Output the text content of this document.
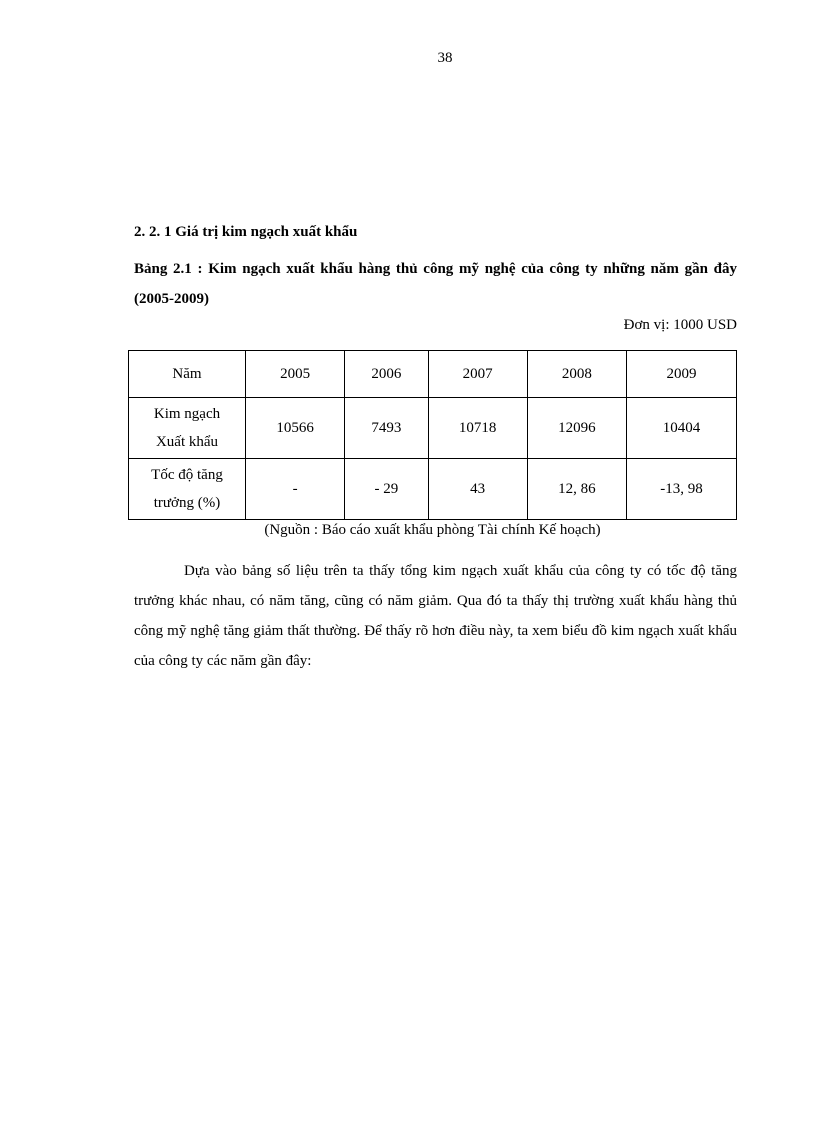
38
2. 2. 1 Giá trị kim ngạch xuất khẩu
Bảng 2.1 : Kim ngạch xuất khẩu hàng thủ công mỹ nghệ của công ty những năm gần đây (2005-2009)
Đơn vị: 1000 USD
Năm	2005	2006	2007	2008	2009

Kim ngạch
Xuất khẩu	10566	7493	10718	12096	10404

Tốc độ tăng
trưởng (%)	-	- 29	43	12, 86	-13, 98
(Nguồn : Báo cáo xuất khẩu phòng Tài chính Kế hoạch)

Dựa vào bảng số liệu trên ta thấy tổng kim ngạch xuất khẩu của công ty có tốc độ tăng trưởng khác nhau, có năm tăng, cũng có năm giảm. Qua đó ta thấy thị trường xuất khẩu hàng thủ công mỹ nghệ tăng giảm thất thường. Để thấy rõ hơn điều này, ta xem biểu đồ kim ngạch xuất khẩu của công ty các năm gần đây:
